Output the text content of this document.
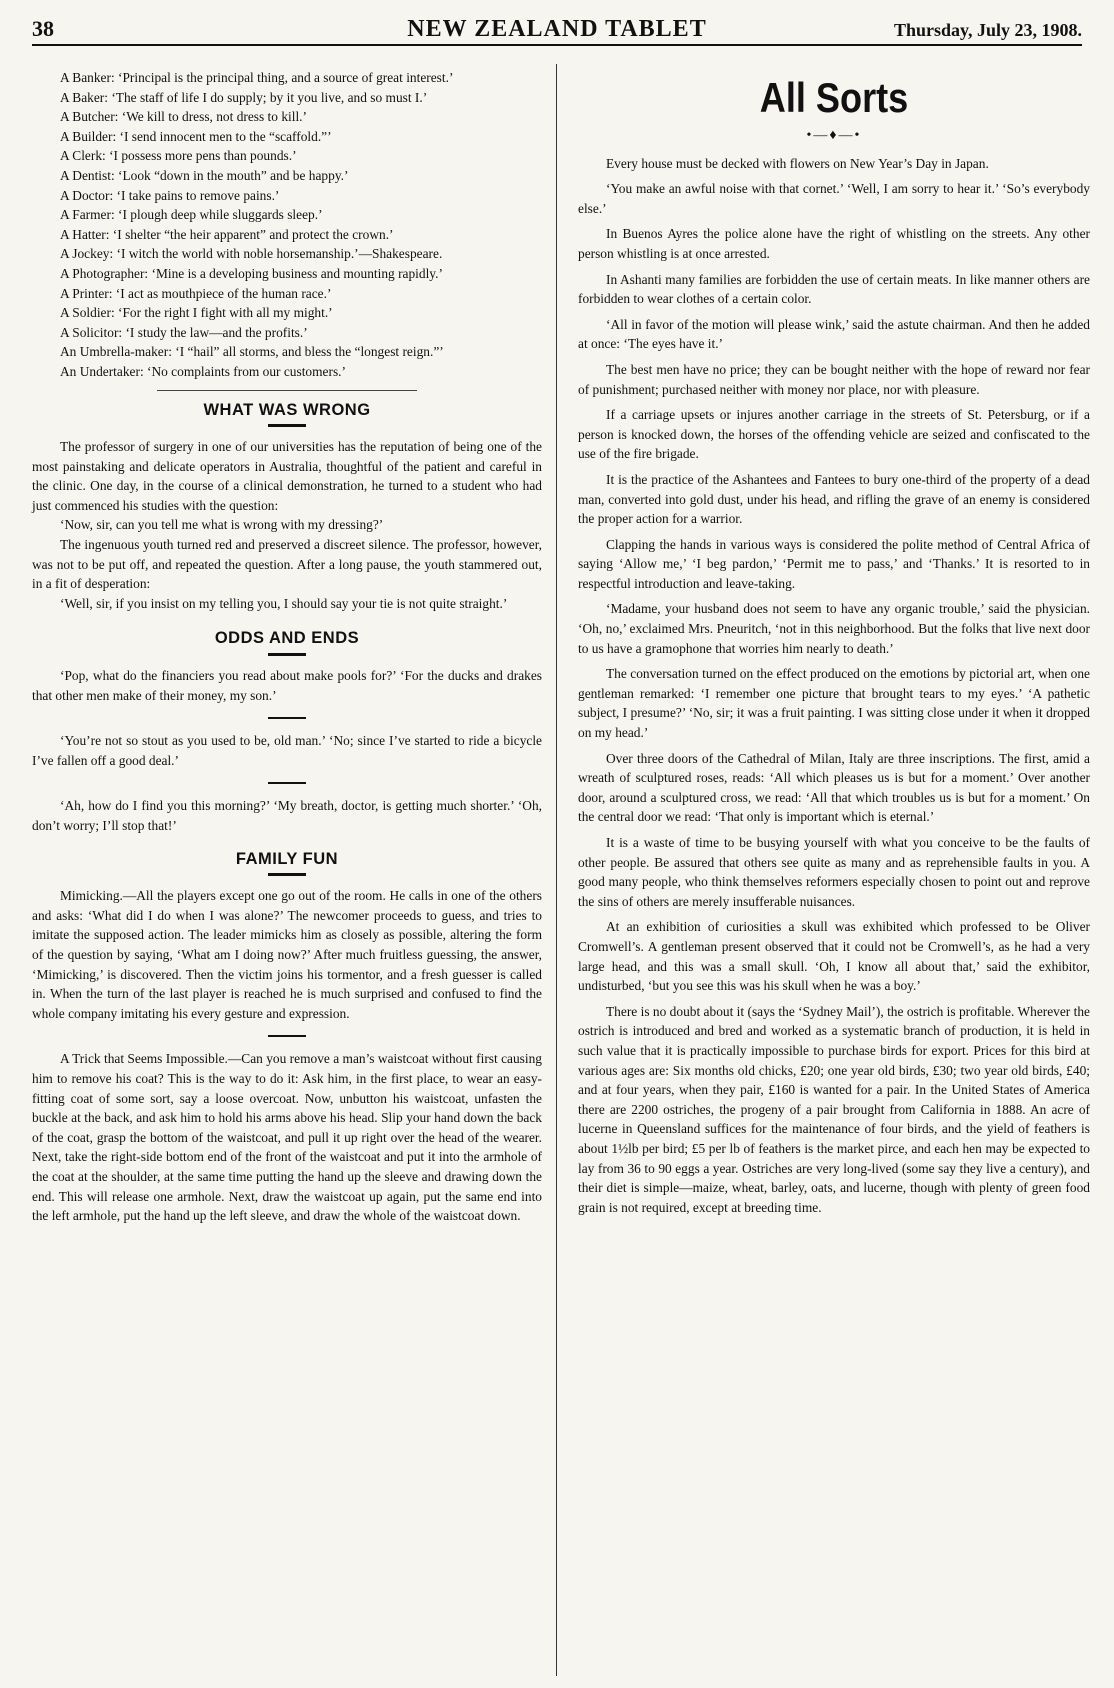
38	NEW ZEALAND TABLET	Thursday, July 23, 1908.

A Banker: ‘Principal is the principal thing, and a source of great interest.’

A Baker: ‘The staff of life I do supply; by it you live, and so must I.’

A Butcher: ‘We kill to dress, not dress to kill.’

A Builder: ‘I send innocent men to the “scaffold.”’

A Clerk: ‘I possess more pens than pounds.’

A Dentist: ‘Look “down in the mouth” and be happy.’

A Doctor: ‘I take pains to remove pains.’

A Farmer: ‘I plough deep while sluggards sleep.’

A Hatter: ‘I shelter “the heir apparent” and protect the crown.’

A Jockey: ‘I witch the world with noble horsemanship.’—Shakespeare.

A Photographer: ‘Mine is a developing business and mounting rapidly.’

A Printer: ‘I act as mouthpiece of the human race.’

A Soldier: ‘For the right I fight with all my might.’

A Solicitor: ‘I study the law—and the profits.’

An Umbrella-maker: ‘I “hail” all storms, and bless the “longest reign.”’

An Undertaker: ‘No complaints from our customers.’

WHAT WAS WRONG

The professor of surgery in one of our universities has the reputation of being one of the most painstaking and delicate operators in Australia, thoughtful of the patient and careful in the clinic. One day, in the course of a clinical demonstration, he turned to a student who had just commenced his studies with the question:

‘Now, sir, can you tell me what is wrong with my dressing?’

The ingenuous youth turned red and preserved a discreet silence. The professor, however, was not to be put off, and repeated the question. After a long pause, the youth stammered out, in a fit of desperation:

‘Well, sir, if you insist on my telling you, I should say your tie is not quite straight.’

ODDS AND ENDS

‘Pop, what do the financiers you read about make pools for?’ ‘For the ducks and drakes that other men make of their money, my son.’

‘You’re not so stout as you used to be, old man.’ ‘No; since I’ve started to ride a bicycle I’ve fallen off a good deal.’

‘Ah, how do I find you this morning?’ ‘My breath, doctor, is getting much shorter.’ ‘Oh, don’t worry; I’ll stop that!’

FAMILY FUN

Mimicking.—All the players except one go out of the room. He calls in one of the others and asks: ‘What did I do when I was alone?’ The newcomer proceeds to guess, and tries to imitate the supposed action. The leader mimicks him as closely as possible, altering the form of the question by saying, ‘What am I doing now?’ After much fruitless guessing, the answer, ‘Mimicking,’ is discovered. Then the victim joins his tormentor, and a fresh guesser is called in. When the turn of the last player is reached he is much surprised and confused to find the whole company imitating his every gesture and expression.

A Trick that Seems Impossible.—Can you remove a man’s waistcoat without first causing him to remove his coat? This is the way to do it: Ask him, in the first place, to wear an easy-fitting coat of some sort, say a loose overcoat. Now, unbutton his waistcoat, unfasten the buckle at the back, and ask him to hold his arms above his head. Slip your hand down the back of the coat, grasp the bottom of the waistcoat, and pull it up right over the head of the wearer. Next, take the right-side bottom end of the front of the waistcoat and put it into the armhole of the coat at the shoulder, at the same time putting the hand up the sleeve and drawing down the end. This will release one armhole. Next, draw the waistcoat up again, put the same end into the left armhole, put the hand up the left sleeve, and draw the whole of the waistcoat down.

All Sorts
•—♦—•

Every house must be decked with flowers on New Year’s Day in Japan.

‘You make an awful noise with that cornet.’ ‘Well, I am sorry to hear it.’ ‘So’s everybody else.’

In Buenos Ayres the police alone have the right of whistling on the streets. Any other person whistling is at once arrested.

In Ashanti many families are forbidden the use of certain meats. In like manner others are forbidden to wear clothes of a certain color.

‘All in favor of the motion will please wink,’ said the astute chairman. And then he added at once: ‘The eyes have it.’

The best men have no price; they can be bought neither with the hope of reward nor fear of punishment; purchased neither with money nor place, nor with pleasure.

If a carriage upsets or injures another carriage in the streets of St. Petersburg, or if a person is knocked down, the horses of the offending vehicle are seized and confiscated to the use of the fire brigade.

It is the practice of the Ashantees and Fantees to bury one-third of the property of a dead man, converted into gold dust, under his head, and rifling the grave of an enemy is considered the proper action for a warrior.

Clapping the hands in various ways is considered the polite method of Central Africa of saying ‘Allow me,’ ‘I beg pardon,’ ‘Permit me to pass,’ and ‘Thanks.’ It is resorted to in respectful introduction and leave-taking.

‘Madame, your husband does not seem to have any organic trouble,’ said the physician. ‘Oh, no,’ exclaimed Mrs. Pneuritch, ‘not in this neighborhood. But the folks that live next door to us have a gramophone that worries him nearly to death.’

The conversation turned on the effect produced on the emotions by pictorial art, when one gentleman remarked: ‘I remember one picture that brought tears to my eyes.’ ‘A pathetic subject, I presume?’ ‘No, sir; it was a fruit painting. I was sitting close under it when it dropped on my head.’

Over three doors of the Cathedral of Milan, Italy are three inscriptions. The first, amid a wreath of sculptured roses, reads: ‘All which pleases us is but for a moment.’ Over another door, around a sculptured cross, we read: ‘All that which troubles us is but for a moment.’ On the central door we read: ‘That only is important which is eternal.’

It is a waste of time to be busying yourself with what you conceive to be the faults of other people. Be assured that others see quite as many and as reprehensible faults in you. A good many people, who think themselves reformers especially chosen to point out and reprove the sins of others are merely insufferable nuisances.

At an exhibition of curiosities a skull was exhibited which professed to be Oliver Cromwell’s. A gentleman present observed that it could not be Cromwell’s, as he had a very large head, and this was a small skull. ‘Oh, I know all about that,’ said the exhibitor, undisturbed, ‘but you see this was his skull when he was a boy.’

There is no doubt about it (says the ‘Sydney Mail’), the ostrich is profitable. Wherever the ostrich is introduced and bred and worked as a systematic branch of production, it is held in such value that it is practically impossible to purchase birds for export. Prices for this bird at various ages are: Six months old chicks, £20; one year old birds, £30; two year old birds, £40; and at four years, when they pair, £160 is wanted for a pair. In the United States of America there are 2200 ostriches, the progeny of a pair brought from California in 1888. An acre of lucerne in Queensland suffices for the maintenance of four birds, and the yield of feathers is about 1½lb per bird; £5 per lb of feathers is the market pirce, and each hen may be expected to lay from 36 to 90 eggs a year. Ostriches are very long-lived (some say they live a century), and their diet is simple—maize, wheat, barley, oats, and lucerne, though with plenty of green food grain is not required, except at breeding time.
